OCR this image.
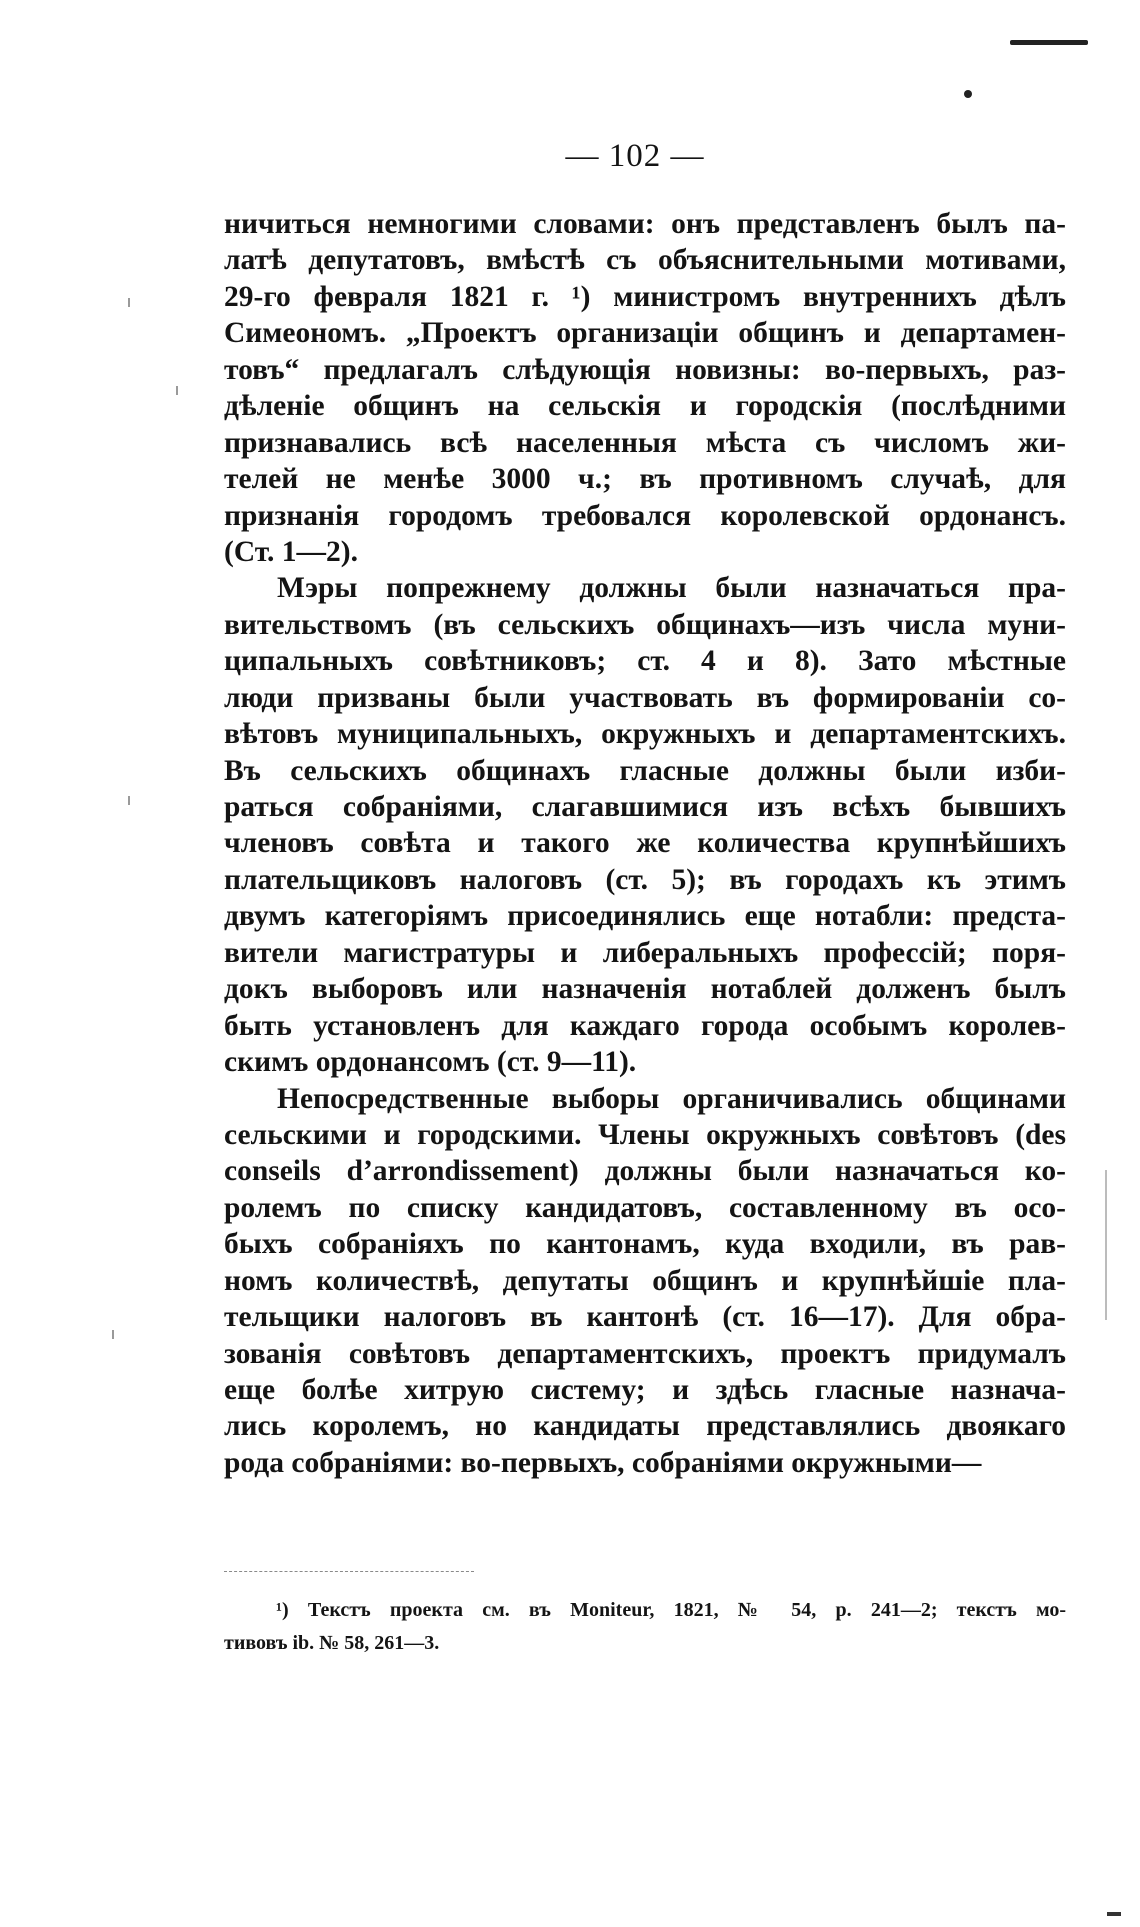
— 102 —
ничиться немногими словами: онъ представленъ былъ па-
латѣ депутатовъ, вмѣстѣ съ объяснительными мотивами,
29-го февраля 1821 г. ¹) министромъ внутреннихъ дѣлъ
Симеономъ. „Проектъ организаціи общинъ и департамен-
товъ“ предлагалъ слѣдующія новизны: во-первыхъ, раз-
дѣленіе общинъ на сельскія и городскія (послѣдними
признавались всѣ населенныя мѣста съ числомъ жи-
телей не менѣе 3000 ч.; въ противномъ случаѣ, для
признанія городомъ требовался королевской ордонансъ.
(Ст. 1—2).
Мэры попрежнему должны были назначаться пра-
вительствомъ (въ сельскихъ общинахъ—изъ числа муни-
ципальныхъ совѣтниковъ; ст. 4 и 8). Зато мѣстные
люди призваны были участвовать въ формированіи со-
вѣтовъ муниципальныхъ, окружныхъ и департаментскихъ.
Въ сельскихъ общинахъ гласные должны были изби-
раться собраніями, слагавшимися изъ всѣхъ бывшихъ
членовъ совѣта и такого же количества крупнѣйшихъ
плательщиковъ налоговъ (ст. 5); въ городахъ къ этимъ
двумъ категоріямъ присоединялись еще нотабли: предста-
вители магистратуры и либеральныхъ профессій; поря-
докъ выборовъ или назначенія нотаблей долженъ былъ
быть установленъ для каждаго города особымъ королев-
скимъ ордонансомъ (ст. 9—11).
Непосредственные выборы органичивались общинами
сельскими и городскими. Члены окружныхъ совѣтовъ (des
conseils d’arrondissement) должны были назначаться ко-
ролемъ по списку кандидатовъ, составленному въ осо-
быхъ собраніяхъ по кантонамъ, куда входили, въ рав-
номъ количествѣ, депутаты общинъ и крупнѣйшіе пла-
тельщики налоговъ въ кантонѣ (ст. 16—17). Для обра-
зованія совѣтовъ департаментскихъ, проектъ придумалъ
еще болѣе хитрую систему; и здѣсь гласные назнача-
лись королемъ, но кандидаты представлялись двоякаго
рода собраніями: во-первыхъ, собраніями окружными—
¹) Текстъ проекта см. въ Moniteur, 1821, № 54, р. 241—2; текстъ мо-
тивовъ ib. № 58, 261—3.
